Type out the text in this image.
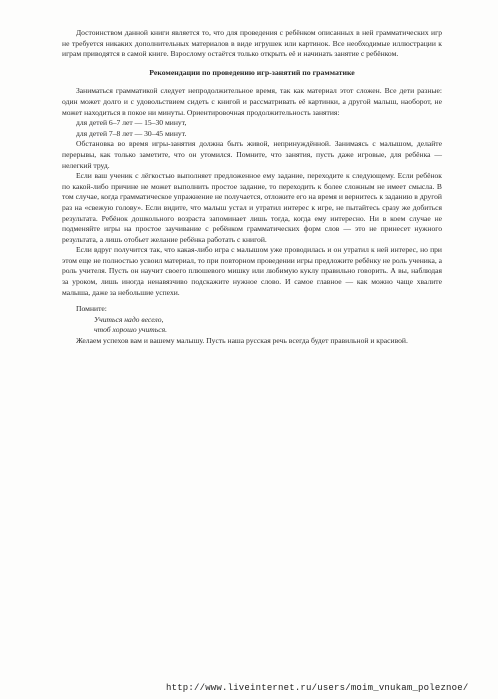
Достоинством данной книги является то, что для проведения с ребёнком описанных в ней грамматических игр не требуется никаких дополнительных материалов в виде игрушек или картинок. Все необходимые иллюстрации к играм приводятся в самой книге. Взрослому остаётся только открыть её и начинать занятие с ребёнком.

Рекомендации по проведению игр-занятий по грамматике

Заниматься грамматикой следует непродолжительное время, так как материал этот сложен. Все дети разные: один может долго и с удовольствием сидеть с книгой и рассматривать её картинки, а другой малыш, наоборот, не может находиться в покое ни минуты. Ориентировочная продолжительность занятия:

для детей 6–7 лет — 15–30 минут,

для детей 7–8 лет — 30–45 минут.

Обстановка во время игры-занятия должна быть живой, непринуждённой. Занимаясь с малышом, делайте перерывы, как только заметите, что он утомился. Помните, что занятия, пусть даже игровые, для ребёнка — нелегкий труд.

Если ваш ученик с лёгкостью выполняет предложенное ему задание, переходите к следующему. Если ребёнок по какой-либо причине не может выполнить простое задание, то переходить к более сложным не имеет смысла. В том случае, когда грамматическое упражнение не получается, отложите его на время и вернитесь к заданию в другой раз на «свежую голову». Если видите, что малыш устал и утратил интерес к игре, не пытайтесь сразу же добиться результата. Ребёнок дошкольного возраста запоминает лишь тогда, когда ему интересно. Ни в коем случае не подменяйте игры на простое заучивание с ребёнком грамматических форм слов — это не принесет нужного результата, а лишь отобьет желание ребёнка работать с книгой.

Если вдруг получится так, что какая-либо игра с малышом уже проводилась и он утратил к ней интерес, но при этом еще не полностью усвоил материал, то при повторном проведении игры предложите ребёнку не роль ученика, а роль учителя. Пусть он научит своего плюшевого мишку или любимую куклу правильно говорить. А вы, наблюдая за уроком, лишь иногда ненавязчиво подскажите нужное слово. И самое главное — как можно чаще хвалите малыша, даже за небольшие успехи.

Помните:

Учиться надо весело,

чтоб хорошо учиться.

Желаем успехов вам и вашему малышу. Пусть наша русская речь всегда будет правильной и красивой.

http://www.liveinternet.ru/users/moim_vnukam_poleznoe/
